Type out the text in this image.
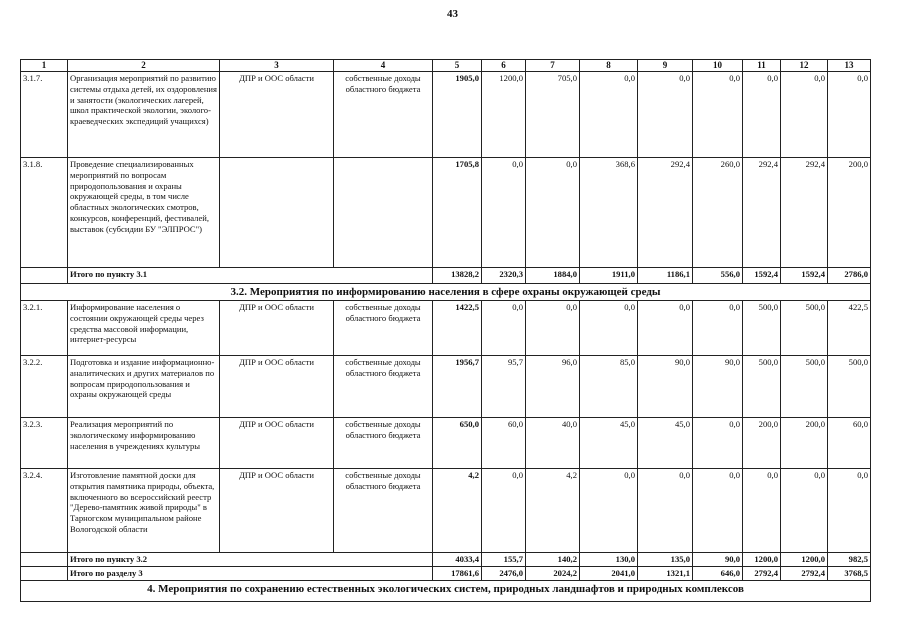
43
1	2	3	4	5	6	7	8	9	10	11	12	13
3.1.7.	Организация мероприятий по развитию системы отдыха детей, их оздоровления и занятости (экологических лагерей, школ практической экологии, эколого-краеведческих экспедиций учащихся)	ДПР и ООС области	собственные доходы областного бюджета	1905,0	1200,0	705,0	0,0	0,0	0,0	0,0	0,0	0,0
3.1.8.	Проведение специализированных мероприятий по вопросам природопользования и охраны окружающей среды, в том числе областных экологических смотров, конкурсов, конференций, фестивалей, выставок (субсидии БУ "ЭЛПРОС")			1705,8	0,0	0,0	368,6	292,4	260,0	292,4	292,4	200,0
	Итого по пункту 3.1			13828,2	2320,3	1884,0	1911,0	1186,1	556,0	1592,4	1592,4	2786,0
3.2. Мероприятия по информированию населения в сфере охраны окружающей среды												
3.2.1.	Информирование населения о состоянии окружающей среды через средства массовой информации, интернет-ресурсы	ДПР и ООС области	собственные доходы областного бюджета	1422,5	0,0	0,0	0,0	0,0	0,0	500,0	500,0	422,5
3.2.2.	Подготовка и издание информационно-аналитических и других материалов по вопросам природопользования и охраны окружающей среды	ДПР и ООС области	собственные доходы областного бюджета	1956,7	95,7	96,0	85,0	90,0	90,0	500,0	500,0	500,0
3.2.3.	Реализация мероприятий по экологическому информированию населения в учреждениях культуры	ДПР и ООС области	собственные доходы областного бюджета	650,0	60,0	40,0	45,0	45,0	0,0	200,0	200,0	60,0
3.2.4.	Изготовление памятной доски для открытия памятника природы, объекта, включенного во всероссийский реестр "Дерево-памятник живой природы" в Тарногском муниципальном районе Вологодской области	ДПР и ООС области	собственные доходы областного бюджета	4,2	0,0	4,2	0,0	0,0	0,0	0,0	0,0	0,0
	Итого по пункту 3.2			4033,4	155,7	140,2	130,0	135,0	90,0	1200,0	1200,0	982,5
	Итого по разделу 3			17861,6	2476,0	2024,2	2041,0	1321,1	646,0	2792,4	2792,4	3768,5
4. Мероприятия по сохранению естественных экологических систем, природных ландшафтов и природных комплексов												
